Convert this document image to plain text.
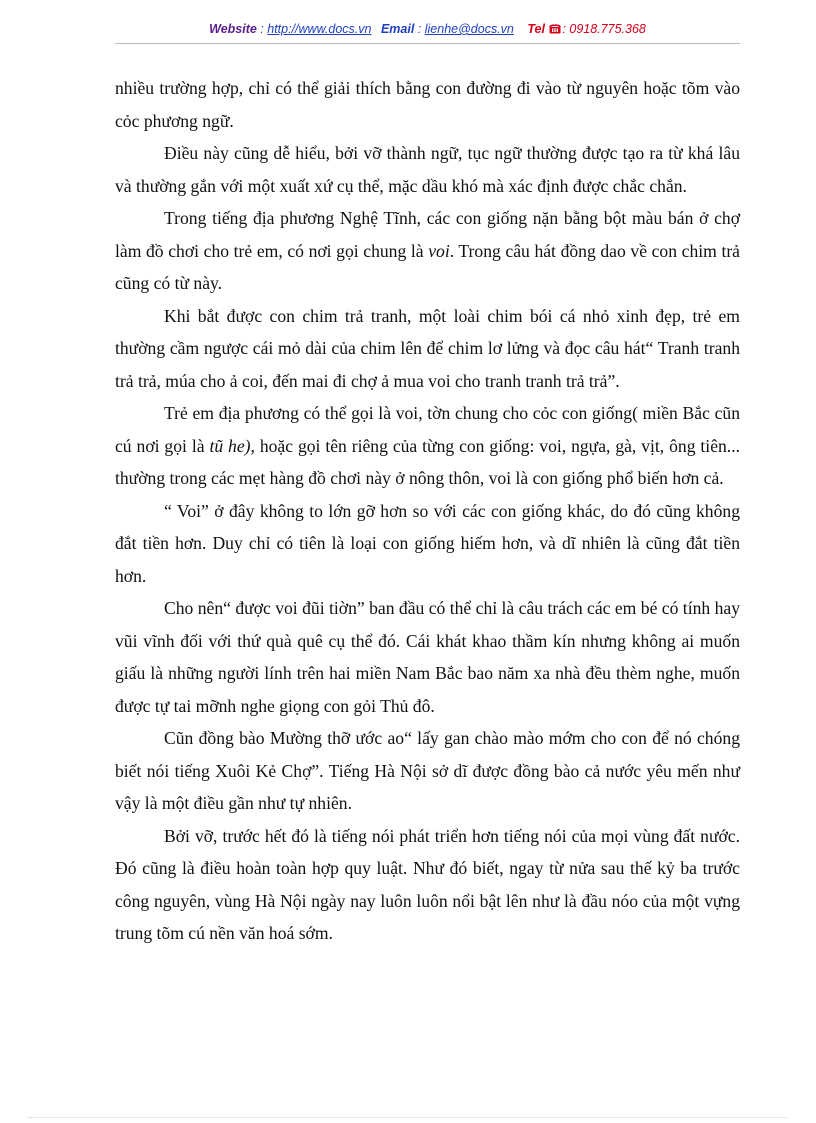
Website : http://www.docs.vn Email : lienhe@docs.vn Tel : 0918.775.368

nhiều trường hợp, chỉ có thể giải thích bằng con đường đi vào từ nguyên hoặc tõm vào cỏc phương ngữ.

Điều này cũng dễ hiểu, bởi vỡ thành ngữ, tục ngữ thường được tạo ra từ khá lâu và thường gắn với một xuất xứ cụ thể, mặc dầu khó mà xác định được chắc chắn.

Trong tiếng địa phương Nghệ Tĩnh, các con giống nặn bằng bột màu bán ở chợ làm đồ chơi cho trẻ em, có nơi gọi chung là voi. Trong câu hát đồng dao về con chim trả cũng có từ này.

Khi bắt được con chim trả tranh, một loài chim bói cá nhỏ xinh đẹp, trẻ em thường cầm ngược cái mỏ dài của chim lên để chim lơ lửng và đọc câu hát“ Tranh tranh trả trả, múa cho ả coi, đến mai đi chợ ả mua voi cho tranh tranh trả trả”.

Trẻ em địa phương có thể gọi là voi, tờn chung cho cỏc con giống( miền Bắc cũn cú nơi gọi là tũ he), hoặc gọi tên riêng của từng con giống: voi, ngựa, gà, vịt, ông tiên... thường trong các mẹt hàng đồ chơi này ở nông thôn, voi là con giống phổ biến hơn cả.

“ Voi” ở đây không to lớn gỡ hơn so với các con giống khác, do đó cũng không đắt tiền hơn. Duy chỉ có tiên là loại con giống hiếm hơn, và dĩ nhiên là cũng đắt tiền hơn.

Cho nên“ được voi đũi tiờn” ban đầu có thể chỉ là câu trách các em bé có tính hay vũi vĩnh đối với thứ quà quê cụ thể đó. Cái khát khao thầm kín nhưng không ai muốn giấu là những người lính trên hai miền Nam Bắc bao năm xa nhà đều thèm nghe, muốn được tự tai mỡnh nghe giọng con gỏi Thủ đô.

Cũn đồng bào Mường thỡ ước ao“ lấy gan chào mào mớm cho con để nó chóng biết nói tiếng Xuôi Kẻ Chợ”. Tiếng Hà Nội sở dĩ được đồng bào cả nước yêu mến như vậy là một điều gần như tự nhiên.

Bởi vỡ, trước hết đó là tiếng nói phát triển hơn tiếng nói của mọi vùng đất nước. Đó cũng là điều hoàn toàn hợp quy luật. Như đó biết, ngay từ nửa sau thế kỷ ba trước công nguyên, vùng Hà Nội ngày nay luôn luôn nổi bật lên như là đầu nóo của một vựng trung tõm cú nền văn hoá sớm.
